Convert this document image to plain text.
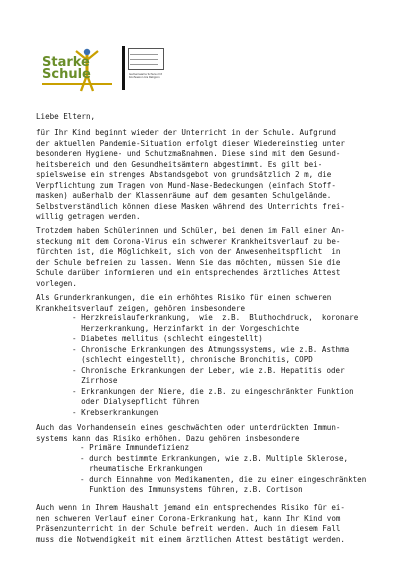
Starke
Schule	Gemeinsame Schule mit Konfession bis Religion
Liebe Eltern,
für Ihr Kind beginnt wieder der Unterricht in der Schule. Aufgrund
der aktuellen Pandemie-Situation erfolgt dieser Wiedereinstieg unter
besonderen Hygiene- und Schutzmaßnahmen. Diese sind mit dem Gesund-
heitsbereich und den Gesundheitsämtern abgestimmt. Es gilt bei-
spielsweise ein strenges Abstandsgebot von grundsätzlich 2 m, die
Verpflichtung zum Tragen von Mund-Nase-Bedeckungen (einfach Stoff-
masken) außerhalb der Klassenräume auf dem gesamten Schulgelände.
Selbstverständlich können diese Masken während des Unterrichts frei-
willig getragen werden.
Trotzdem haben Schülerinnen und Schüler, bei denen im Fall einer An-
steckung mit dem Corona-Virus ein schwerer Krankheitsverlauf zu be-
fürchten ist, die Möglichkeit, sich von der Anwesenheitspflicht  in
der Schule befreien zu lassen. Wenn Sie das möchten, müssen Sie die
Schule darüber informieren und ein entsprechendes ärztliches Attest
vorlegen.
Als Grunderkrankungen, die ein erhöhtes Risiko für einen schweren
Krankheitsverlauf zeigen, gehören insbesondere
- Herzkreislauferkrankung,  wie  z.B.  Bluthochdruck,  koronare
Herzerkrankung, Herzinfarkt in der Vorgeschichte
- Diabetes mellitus (schlecht eingestellt)
- Chronische Erkrankungen des Atmungssystems, wie z.B. Asthma
(schlecht eingestellt), chronische Bronchitis, COPD
- Chronische Erkrankungen der Leber, wie z.B. Hepatitis oder
Zirrhose
- Erkrankungen der Niere, die z.B. zu eingeschränkter Funktion
oder Dialysepflicht führen
- Krebserkrankungen
Auch das Vorhandensein eines geschwächten oder unterdrückten Immun-
systems kann das Risiko erhöhen. Dazu gehören insbesondere
- Primäre Immundefizienz
- durch bestimmte Erkrankungen, wie z.B. Multiple Sklerose,
rheumatische Erkrankungen
- durch Einnahme von Medikamenten, die zu einer eingeschränkten
Funktion des Immunsystems führen, z.B. Cortison
Auch wenn in Ihrem Haushalt jemand ein entsprechendes Risiko für ei-
nen schweren Verlauf einer Corona-Erkrankung hat, kann Ihr Kind vom
Präsenzunterricht in der Schule befreit werden. Auch in diesem Fall
muss die Notwendigkeit mit einem ärztlichen Attest bestätigt werden.
